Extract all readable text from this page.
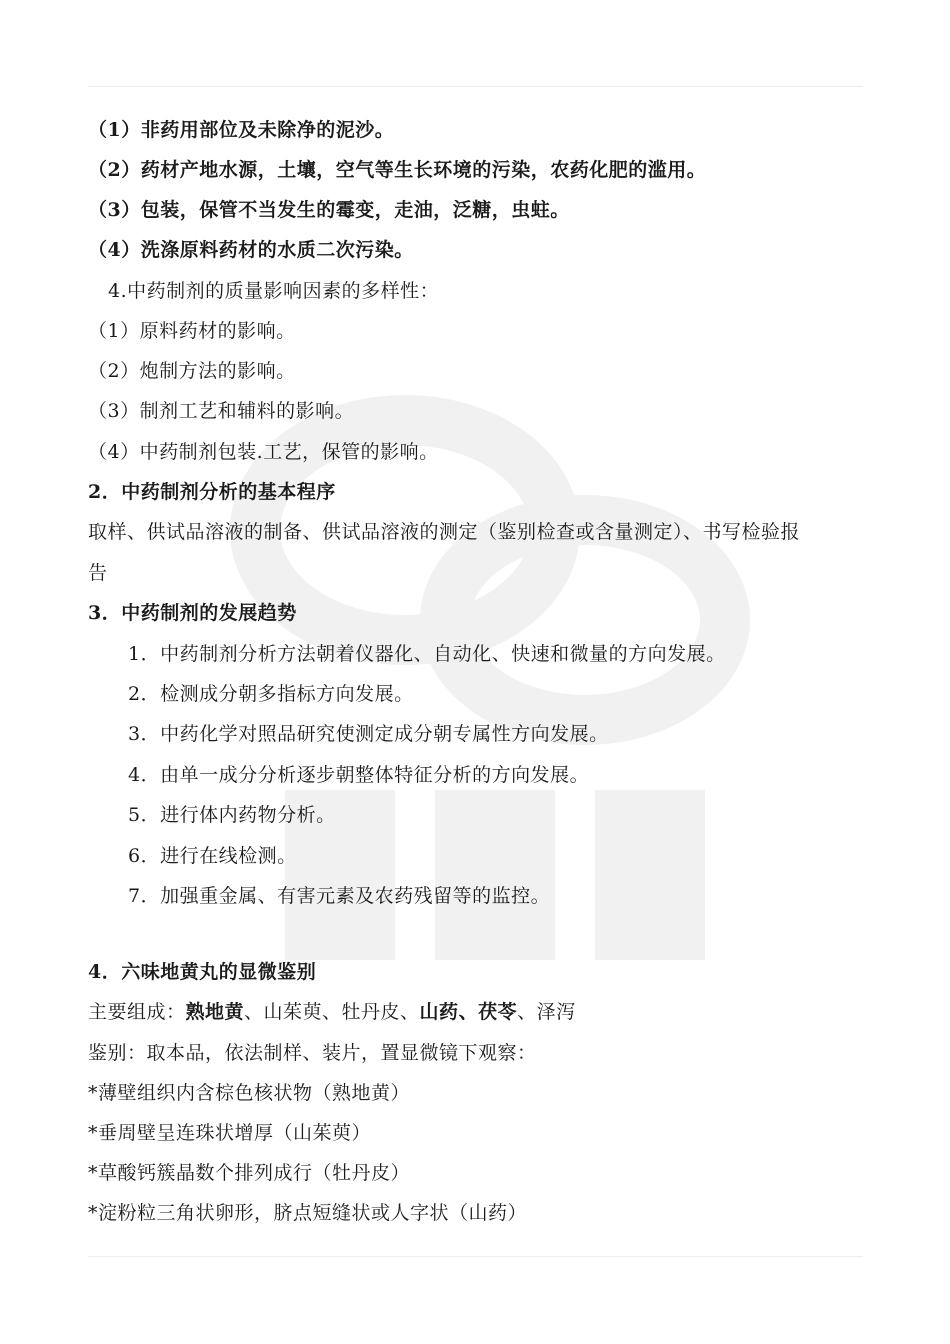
（1）非药用部位及未除净的泥沙。
（2）药材产地水源，土壤，空气等生长环境的污染，农药化肥的滥用。
（3）包装，保管不当发生的霉变，走油，泛糖，虫蛀。
（4）洗涤原料药材的水质二次污染。
4.中药制剂的质量影响因素的多样性：
（1）原料药材的影响。
（2）炮制方法的影响。
（3）制剂工艺和辅料的影响。
（4）中药制剂包装.工艺，保管的影响。
2．中药制剂分析的基本程序
取样、供试品溶液的制备、供试品溶液的测定（鉴别检查或含量测定）、书写检验报
告
3．中药制剂的发展趋势
1．中药制剂分析方法朝着仪器化、自动化、快速和微量的方向发展。
2．检测成分朝多指标方向发展。
3．中药化学对照品研究使测定成分朝专属性方向发展。
4．由单一成分分析逐步朝整体特征分析的方向发展。
5．进行体内药物分析。
6．进行在线检测。
7．加强重金属、有害元素及农药残留等的监控。
4．六味地黄丸的显微鉴别
主要组成：熟地黄、山茱萸、牡丹皮、山药、茯苓、泽泻
鉴别：取本品，依法制样、装片，置显微镜下观察：
*薄壁组织内含棕色核状物（熟地黄）
*垂周壁呈连珠状增厚（山茱萸）
*草酸钙簇晶数个排列成行（牡丹皮）
*淀粉粒三角状卵形，脐点短缝状或人字状（山药）
